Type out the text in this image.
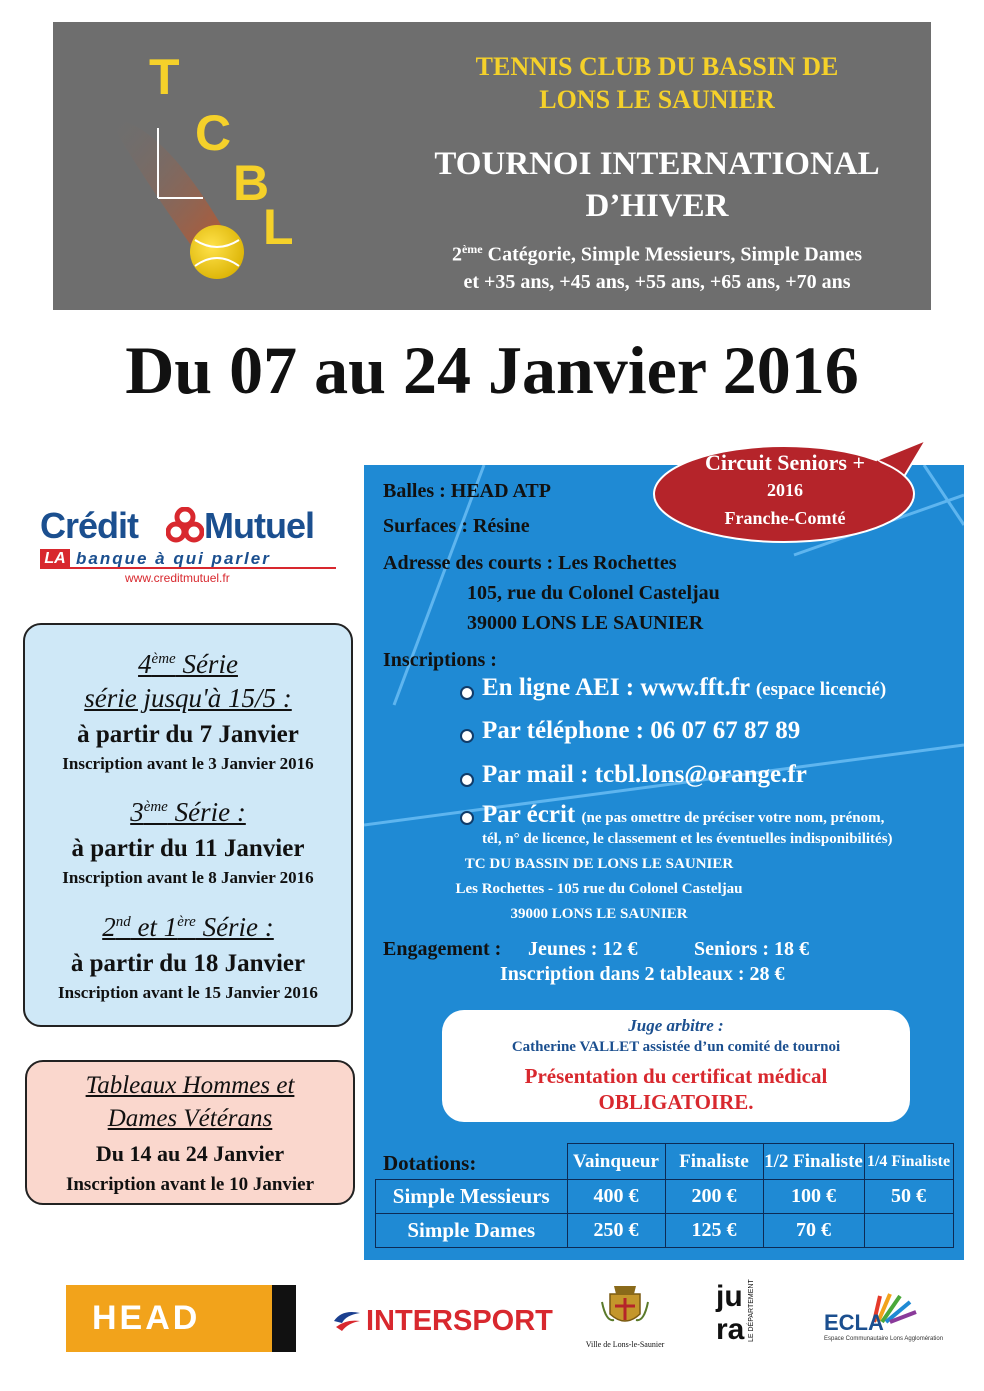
T
C
B
L
TENNIS CLUB DU BASSIN DE
LONS LE SAUNIER
TOURNOI INTERNATIONAL
D’HIVER
2ème Catégorie, Simple Messieurs, Simple Dames
et +35 ans, +45 ans, +55 ans, +65 ans, +70 ans
Du 07 au 24 Janvier 2016
Crédit Mutuel
LA banque à qui parler
www.creditmutuel.fr
4ème Série
série jusqu'à 15/5 :
à partir du 7 Janvier
Inscription avant le 3 Janvier 2016
3ème Série :
à partir du 11 Janvier
Inscription avant le 8 Janvier 2016
2nd et 1ère Série :
à partir du 18 Janvier
Inscription avant le 15 Janvier 2016
Tableaux Hommes et
Dames Vétérans
Du 14 au 24 Janvier
Inscription avant le 10 Janvier
Balles : HEAD ATP
Surfaces : Résine
Adresse des courts : Les Rochettes
105, rue du Colonel Casteljau
39000 LONS LE SAUNIER
Inscriptions :
En ligne AEI : www.fft.fr (espace licencié)
Par téléphone : 06 07 67 87 89
Par mail : tcbl.lons@orange.fr
Par écrit (ne pas omettre de préciser votre nom, prénom,
tél, n° de licence, le classement et les éventuelles indisponibilités)
TC DU BASSIN DE LONS LE SAUNIER
Les Rochettes - 105 rue du Colonel Casteljau
39000 LONS LE SAUNIER
Engagement : Jeunes : 12 €	Seniors : 18 €
Inscription dans 2 tableaux : 28 €
Dotations:
Circuit Seniors +
2016
Franche-Comté
Juge arbitre :
Catherine VALLET assistée d’un comité de tournoi
Présentation du certificat médical
OBLIGATOIRE.
	Vainqueur	Finaliste	1/2 Finaliste	1/4 Finaliste
Simple Messieurs	400 €	200 €	100 €	50 €
Simple Dames	250 €	125 €	70 €	
HEAD	INTERSPORT
Ville de Lons-le-Saunier
jura LE DÉPARTEMENT	ECLA
Espace Communautaire Lons Agglomération
